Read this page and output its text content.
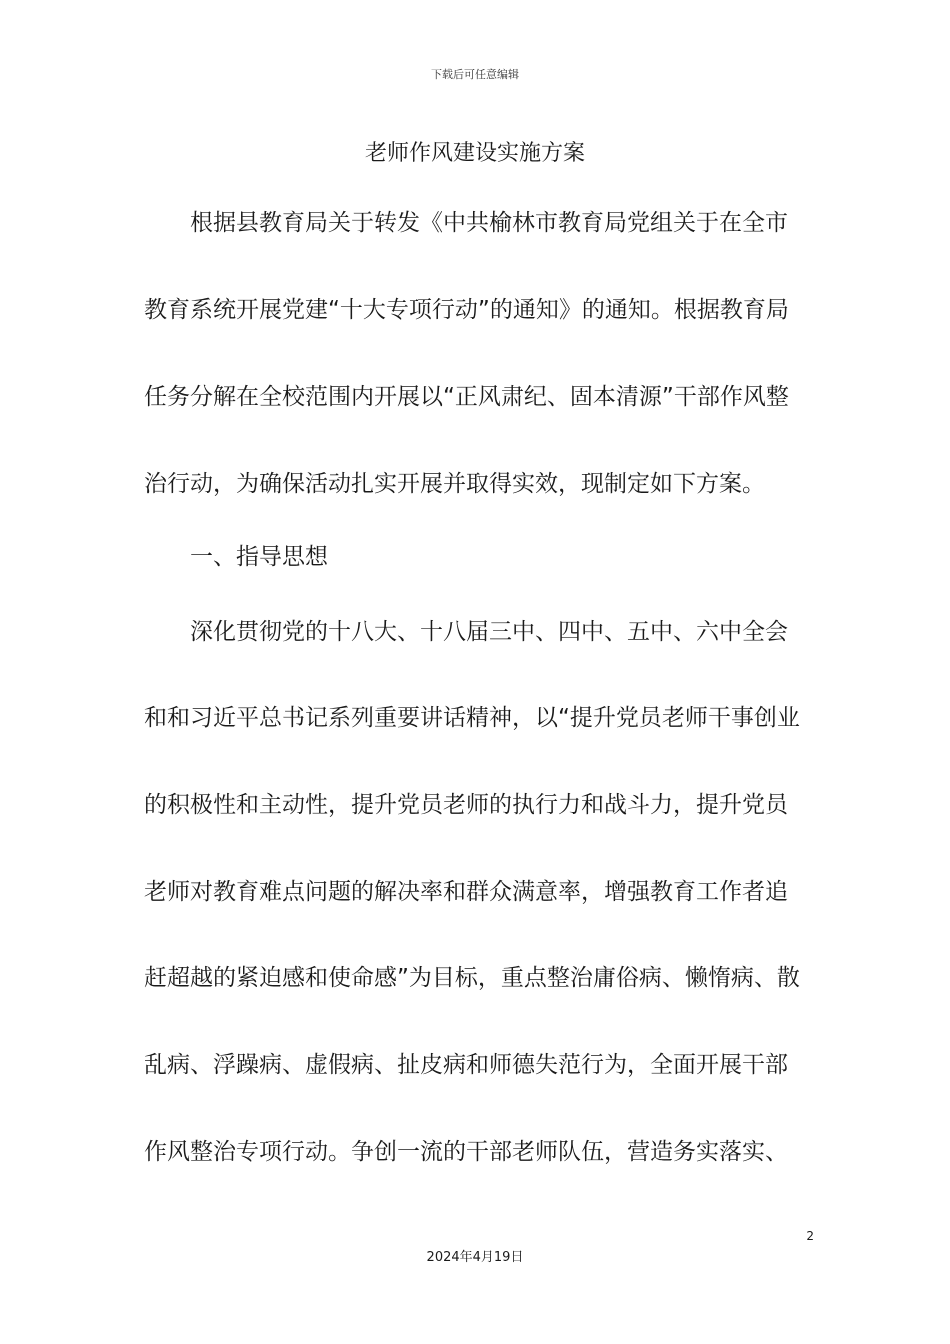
下载后可任意编辑
老师作风建设实施方案
根据县教育局关于转发《中共榆林市教育局党组关于在全市
教育系统开展党建“十大专项行动”的通知》的通知。根据教育局
任务分解在全校范围内开展以“正风肃纪、固本清源”干部作风整
治行动，为确保活动扎实开展并取得实效，现制定如下方案。
一、指导思想
深化贯彻党的十八大、十八届三中、四中、五中、六中全会
和和习近平总书记系列重要讲话精神，以“提升党员老师干事创业
的积极性和主动性，提升党员老师的执行力和战斗力，提升党员
老师对教育难点问题的解决率和群众满意率，增强教育工作者追
赶超越的紧迫感和使命感”为目标，重点整治庸俗病、懒惰病、散
乱病、浮躁病、虚假病、扯皮病和师德失范行为，全面开展干部
作风整治专项行动。争创一流的干部老师队伍，营造务实落实、
2
2024年4月19日
